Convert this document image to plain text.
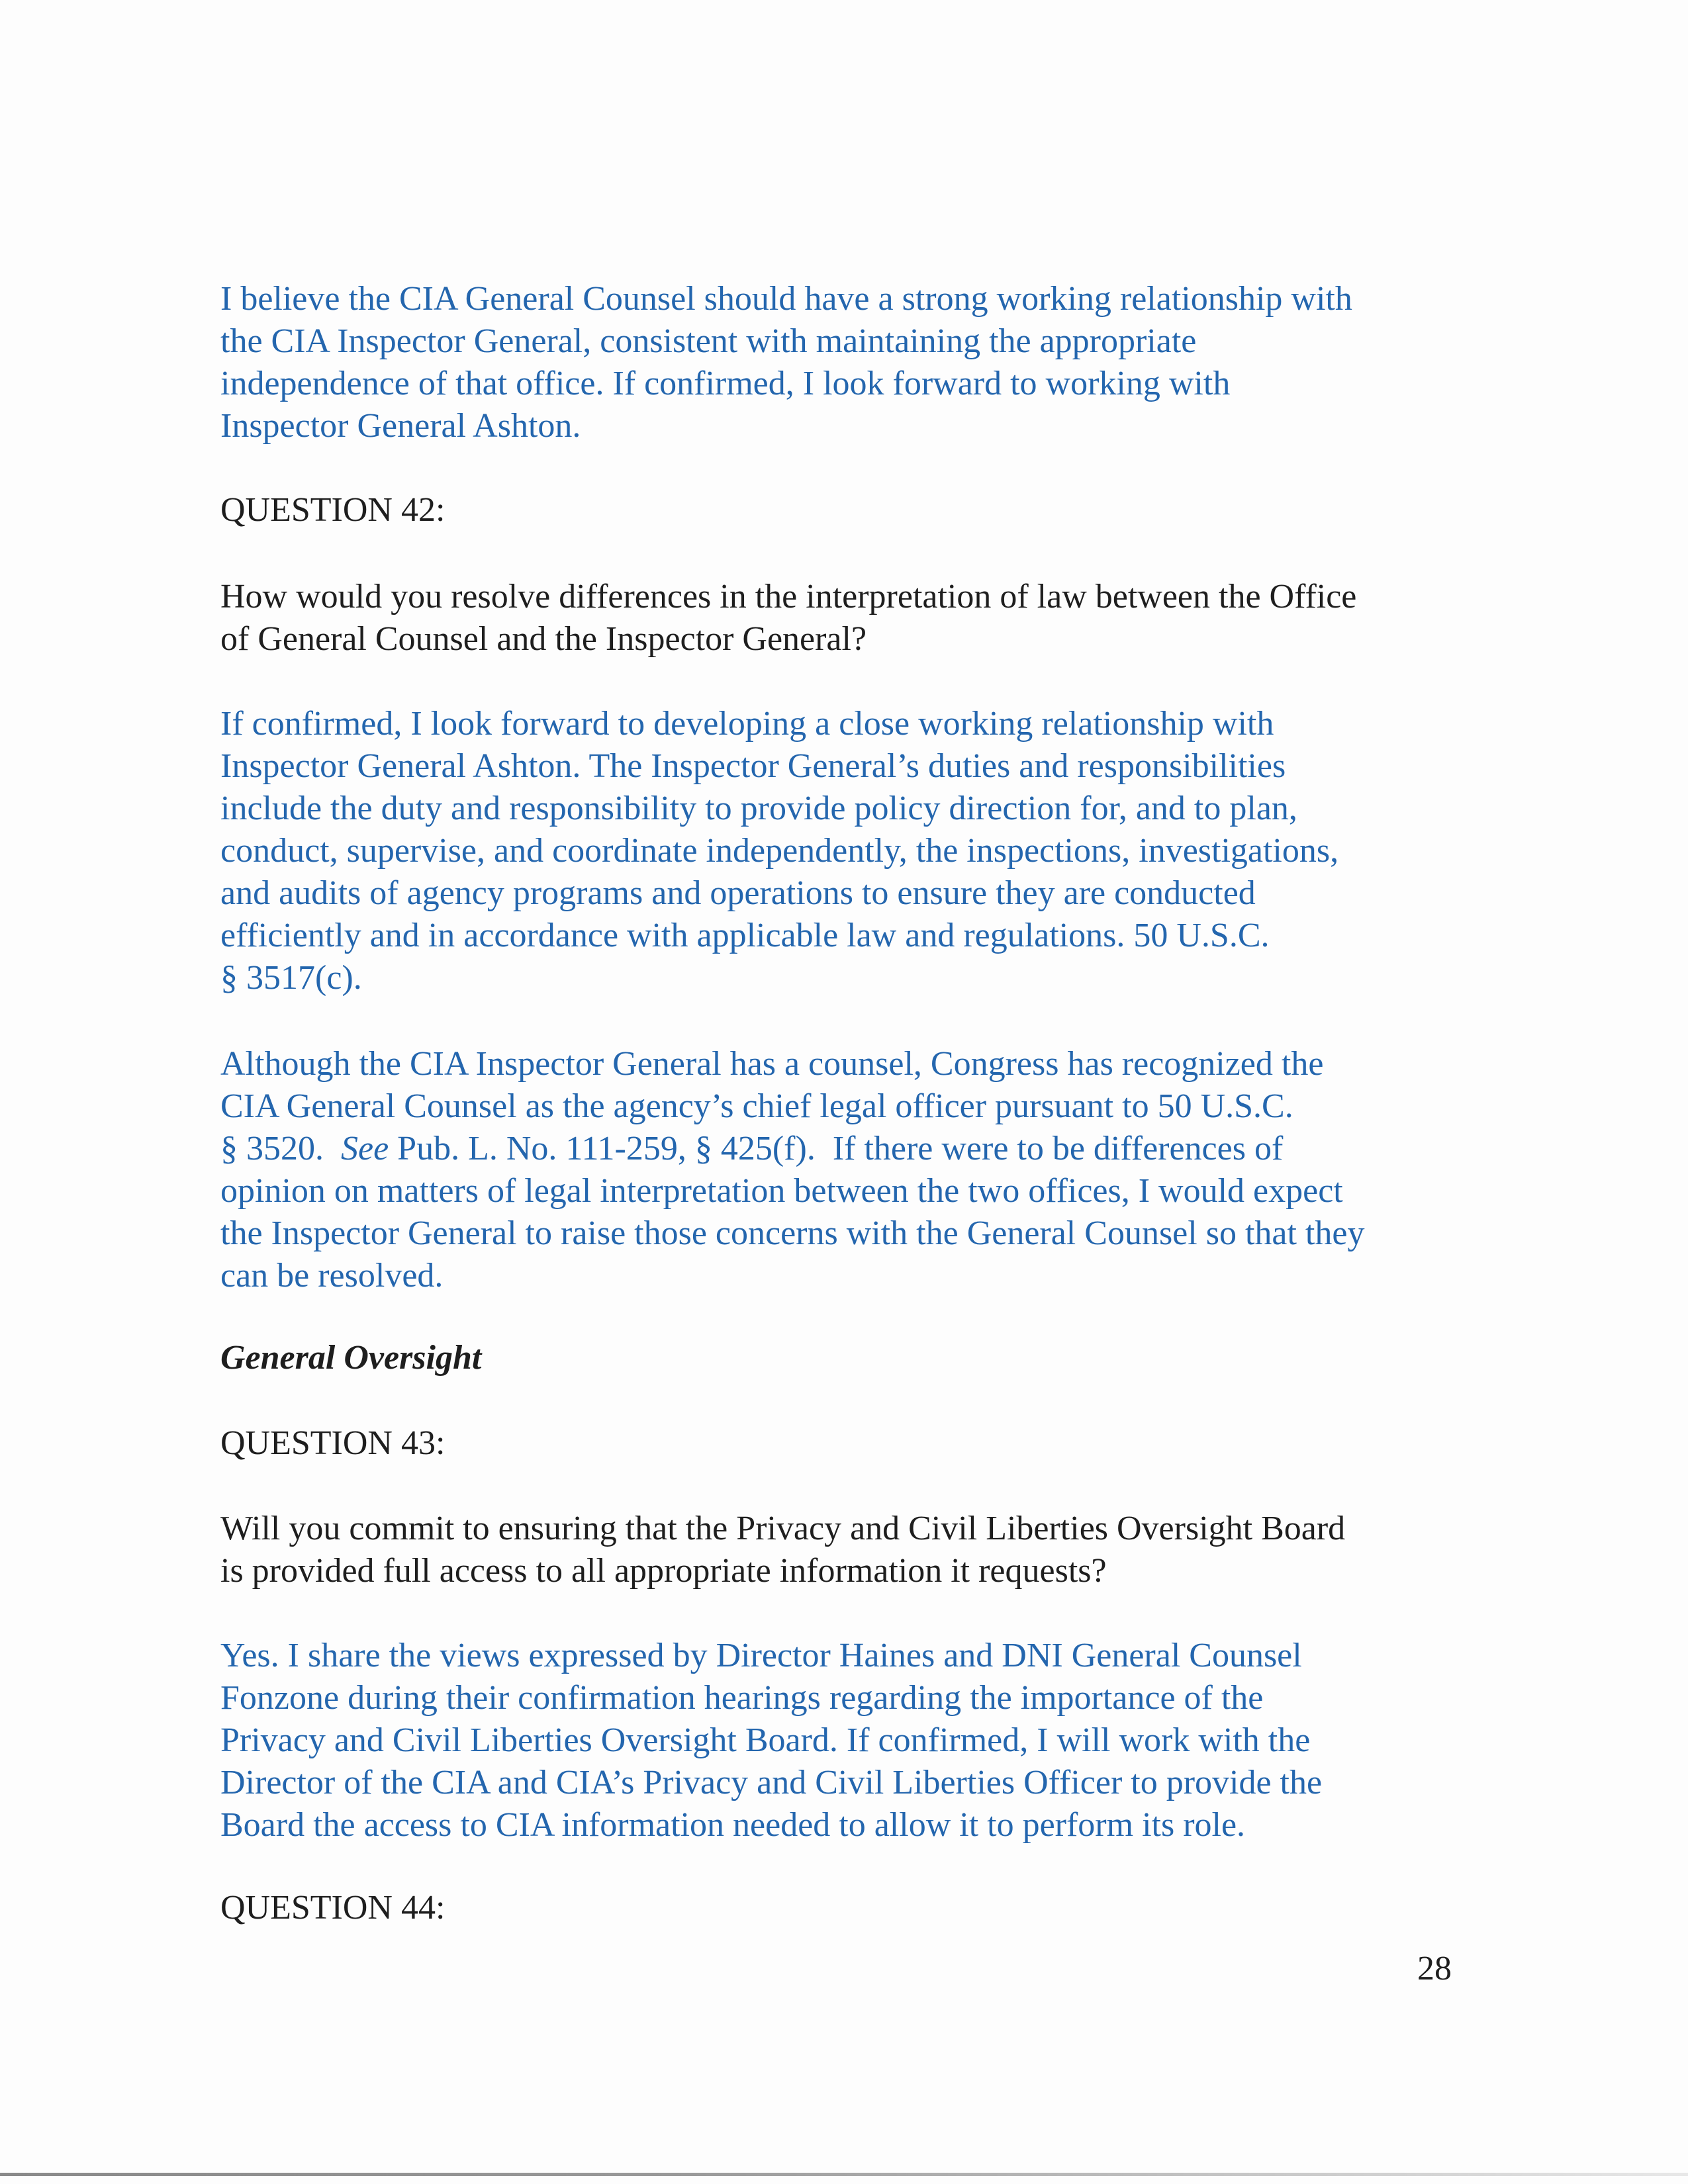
I believe the CIA General Counsel should have a strong working relationship with
the CIA Inspector General, consistent with maintaining the appropriate
independence of that office. If confirmed, I look forward to working with
Inspector General Ashton.
QUESTION 42:
How would you resolve differences in the interpretation of law between the Office
of General Counsel and the Inspector General?
If confirmed, I look forward to developing a close working relationship with
Inspector General Ashton. The Inspector General’s duties and responsibilities
include the duty and responsibility to provide policy direction for, and to plan,
conduct, supervise, and coordinate independently, the inspections, investigations,
and audits of agency programs and operations to ensure they are conducted
efficiently and in accordance with applicable law and regulations. 50 U.S.C.
§ 3517(c).
Although the CIA Inspector General has a counsel, Congress has recognized the
CIA General Counsel as the agency’s chief legal officer pursuant to 50 U.S.C.
§ 3520.  See Pub. L. No. 111-259, § 425(f).  If there were to be differences of
opinion on matters of legal interpretation between the two offices, I would expect
the Inspector General to raise those concerns with the General Counsel so that they
can be resolved.
General Oversight
QUESTION 43:
Will you commit to ensuring that the Privacy and Civil Liberties Oversight Board
is provided full access to all appropriate information it requests?
Yes. I share the views expressed by Director Haines and DNI General Counsel
Fonzone during their confirmation hearings regarding the importance of the
Privacy and Civil Liberties Oversight Board. If confirmed, I will work with the
Director of the CIA and CIA’s Privacy and Civil Liberties Officer to provide the
Board the access to CIA information needed to allow it to perform its role.
QUESTION 44:
28
